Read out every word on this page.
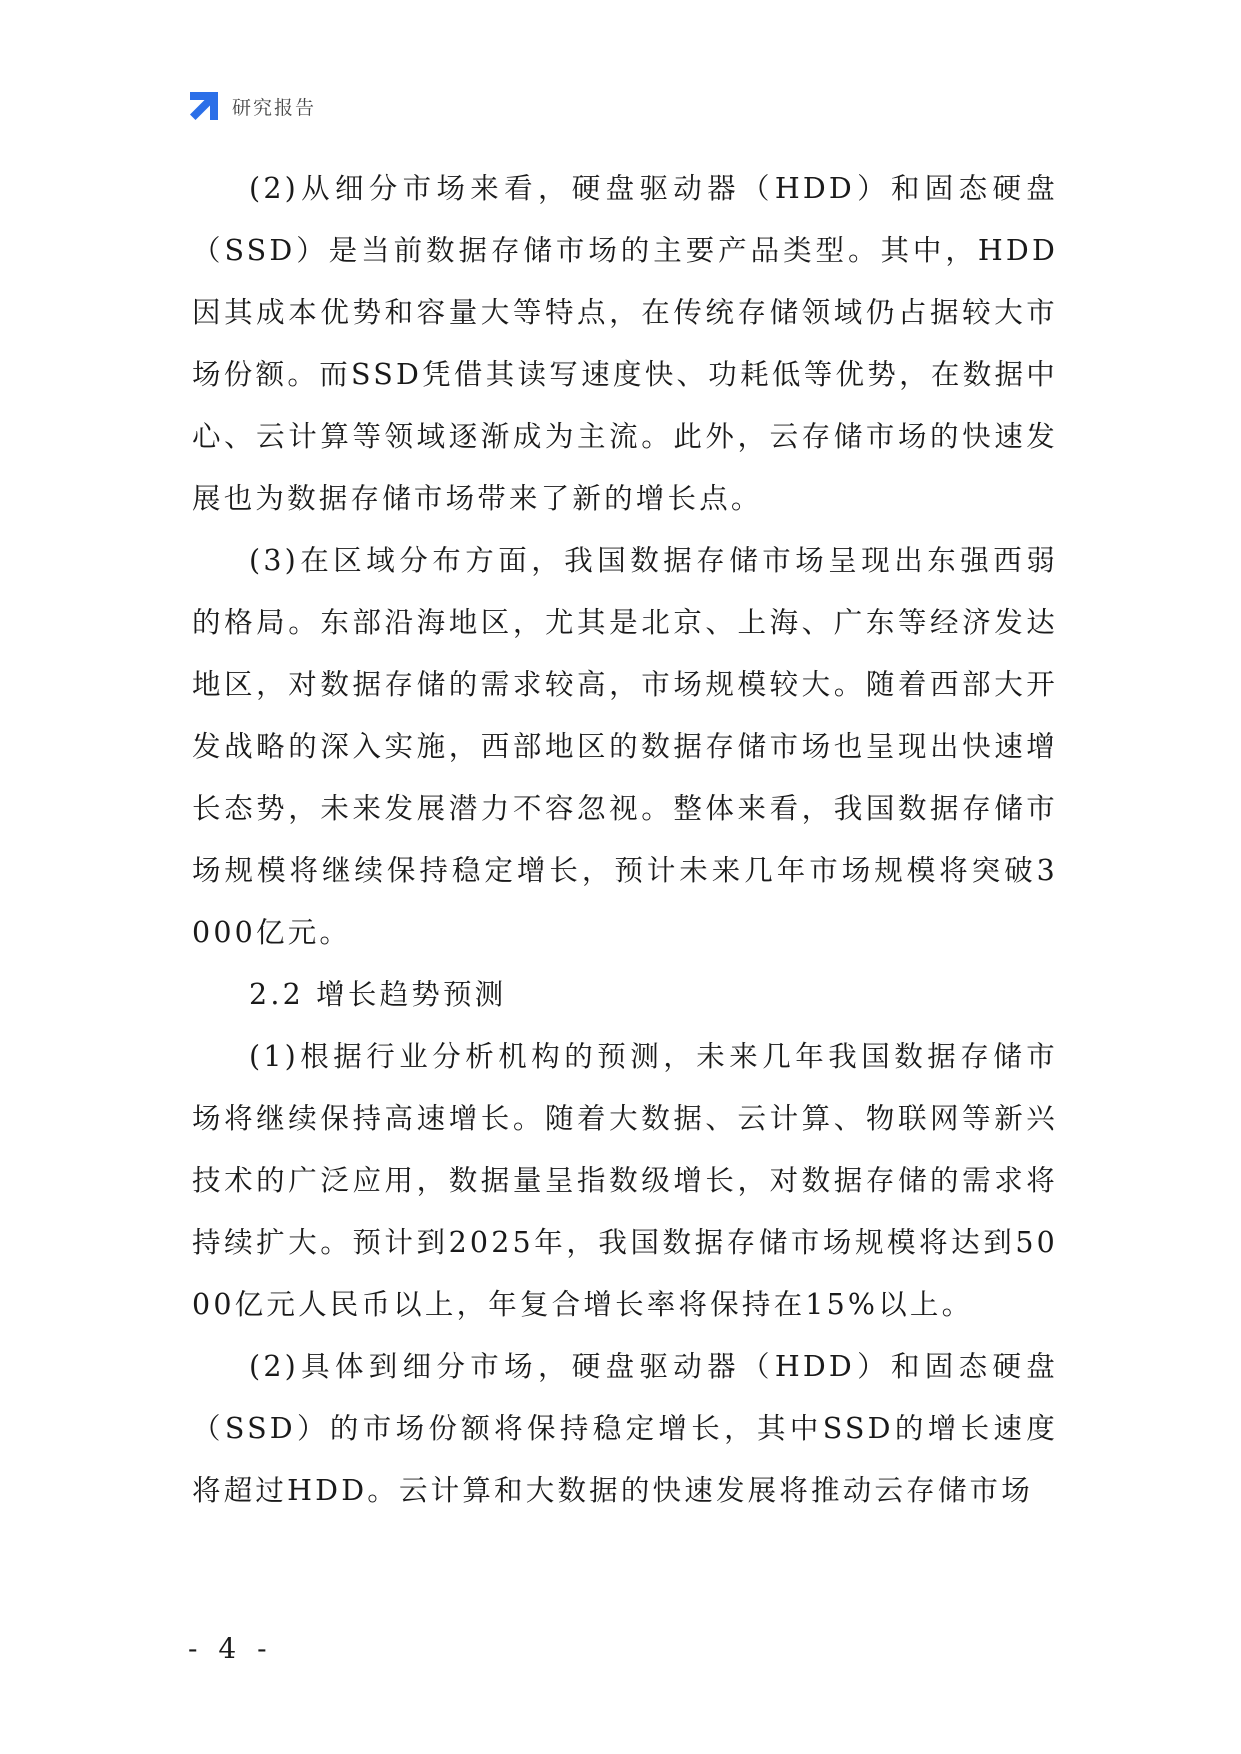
研究报告

(2)从细分市场来看，硬盘驱动器（HDD）和固态硬盘（SSD）是当前数据存储市场的主要产品类型。其中，HDD因其成本优势和容量大等特点，在传统存储领域仍占据较大市场份额。而SSD凭借其读写速度快、功耗低等优势，在数据中心、云计算等领域逐渐成为主流。此外，云存储市场的快速发展也为数据存储市场带来了新的增长点。

(3)在区域分布方面，我国数据存储市场呈现出东强西弱的格局。东部沿海地区，尤其是北京、上海、广东等经济发达地区，对数据存储的需求较高，市场规模较大。随着西部大开发战略的深入实施，西部地区的数据存储市场也呈现出快速增长态势，未来发展潜力不容忽视。整体来看，我国数据存储市场规模将继续保持稳定增长，预计未来几年市场规模将突破3000亿元。

2.2 增长趋势预测

(1)根据行业分析机构的预测，未来几年我国数据存储市场将继续保持高速增长。随着大数据、云计算、物联网等新兴技术的广泛应用，数据量呈指数级增长，对数据存储的需求将持续扩大。预计到2025年，我国数据存储市场规模将达到5000亿元人民币以上，年复合增长率将保持在15%以上。

(2)具体到细分市场，硬盘驱动器（HDD）和固态硬盘（SSD）的市场份额将保持稳定增长，其中SSD的增长速度将超过HDD。云计算和大数据的快速发展将推动云存储市场

- 4 -
